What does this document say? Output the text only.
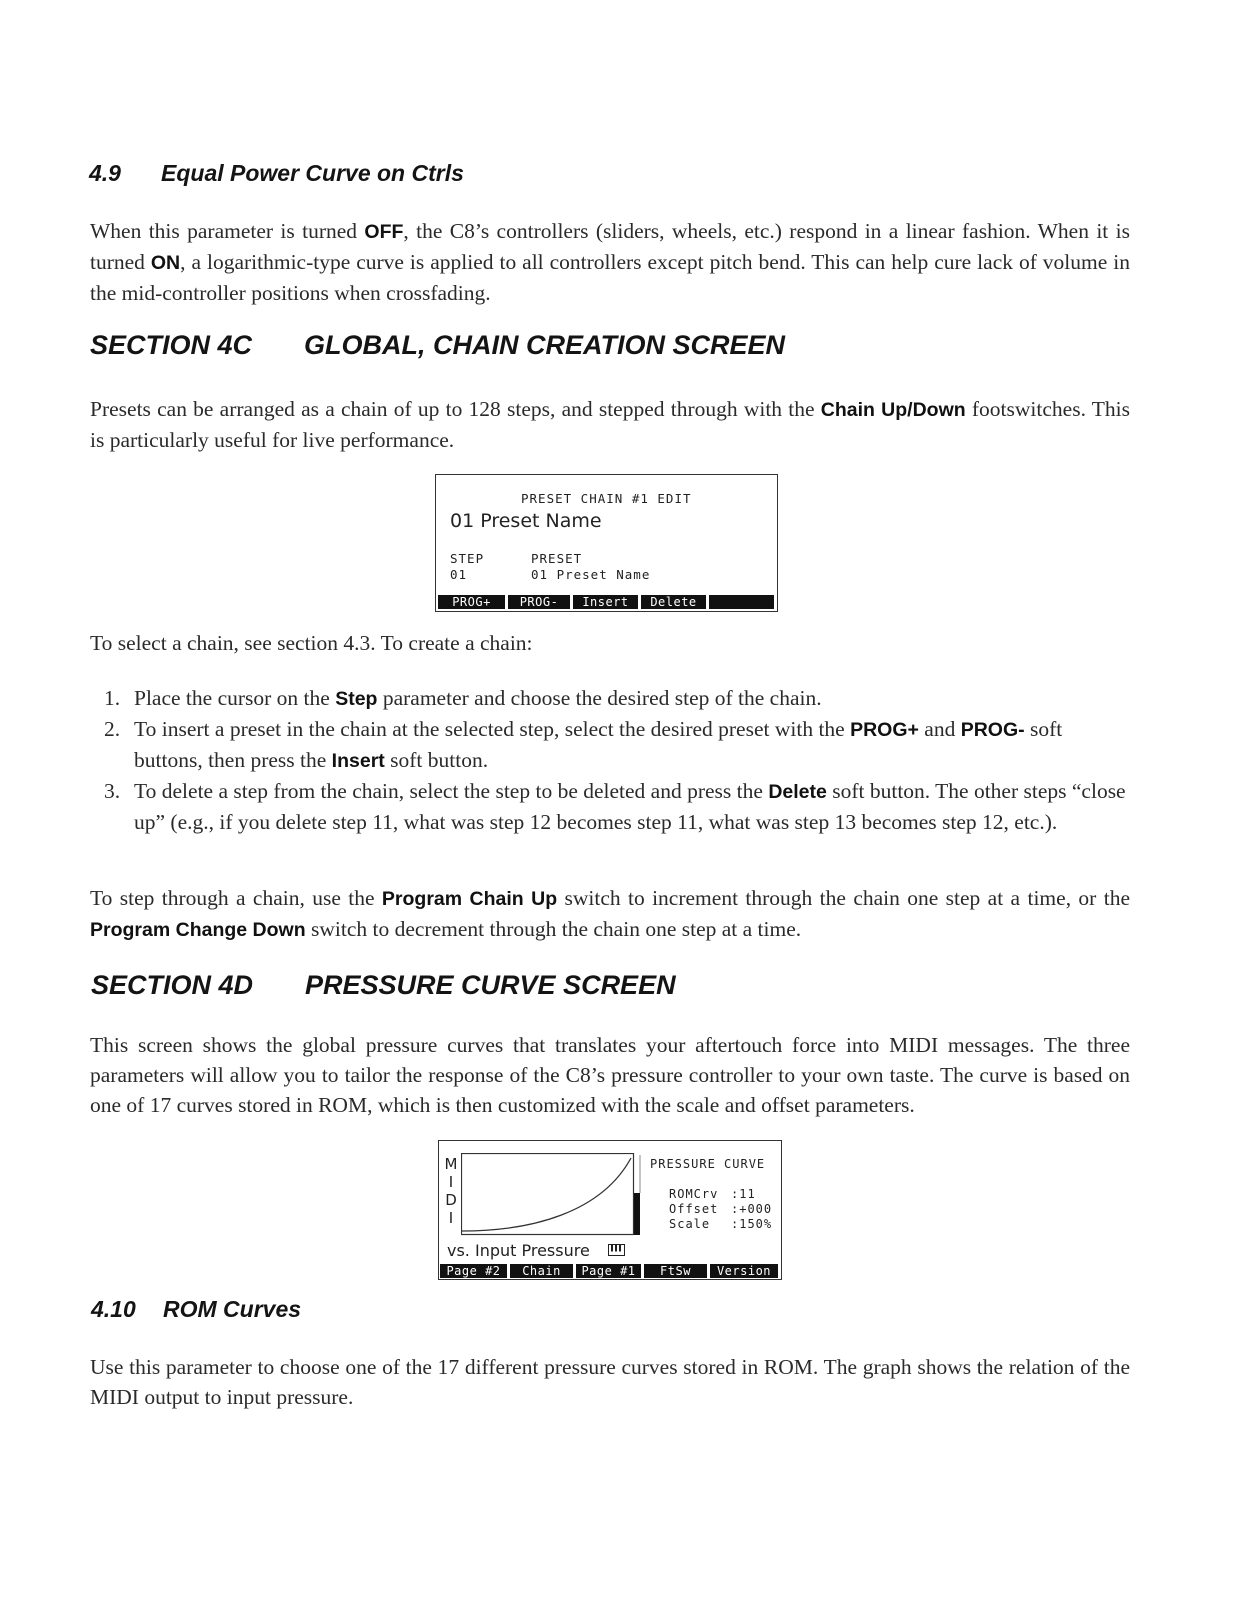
4.9 Equal Power Curve on Ctrls
When this parameter is turned OFF, the C8’s controllers (sliders, wheels, etc.) respond in a linear fashion. When it is turned ON, a logarithmic-type curve is applied to all controllers except pitch bend. This can help cure lack of volume in the mid-controller positions when crossfading.
SECTION 4C GLOBAL, CHAIN CREATION SCREEN
Presets can be arranged as a chain of up to 128 steps, and stepped through with the Chain Up/Down footswitches. This is particularly useful for live performance.
PRESET CHAIN #1 EDIT
01 Preset Name
STEP	PRESET
01	01 Preset Name
PROG+	PROG-	Insert	Delete
To select a chain, see section 4.3. To create a chain:
1. Place the cursor on the Step parameter and choose the desired step of the chain.
2. To insert a preset in the chain at the selected step, select the desired preset with the PROG+ and PROG- soft buttons, then press the Insert soft button.
3. To delete a step from the chain, select the step to be deleted and press the Delete soft button. The other steps “close up” (e.g., if you delete step 11, what was step 12 becomes step 11, what was step 13 becomes step 12, etc.).
To step through a chain, use the Program Chain Up switch to increment through the chain one step at a time, or the Program Change Down switch to decrement through the chain one step at a time.
SECTION 4D PRESSURE CURVE SCREEN
This screen shows the global pressure curves that translates your aftertouch force into MIDI messages. The three parameters will allow you to tailor the response of the C8’s pressure controller to your own taste. The curve is based on one of 17 curves stored in ROM, which is then customized with the scale and offset parameters.
M
I
D
I
PRESSURE CURVE
ROMCrv :11
Offset :+000
Scale :150%
vs. Input Pressure
Page #2	Chain	Page #1	FtSw	Version
4.10 ROM Curves
Use this parameter to choose one of the 17 different pressure curves stored in ROM. The graph shows the relation of the MIDI output to input pressure.
